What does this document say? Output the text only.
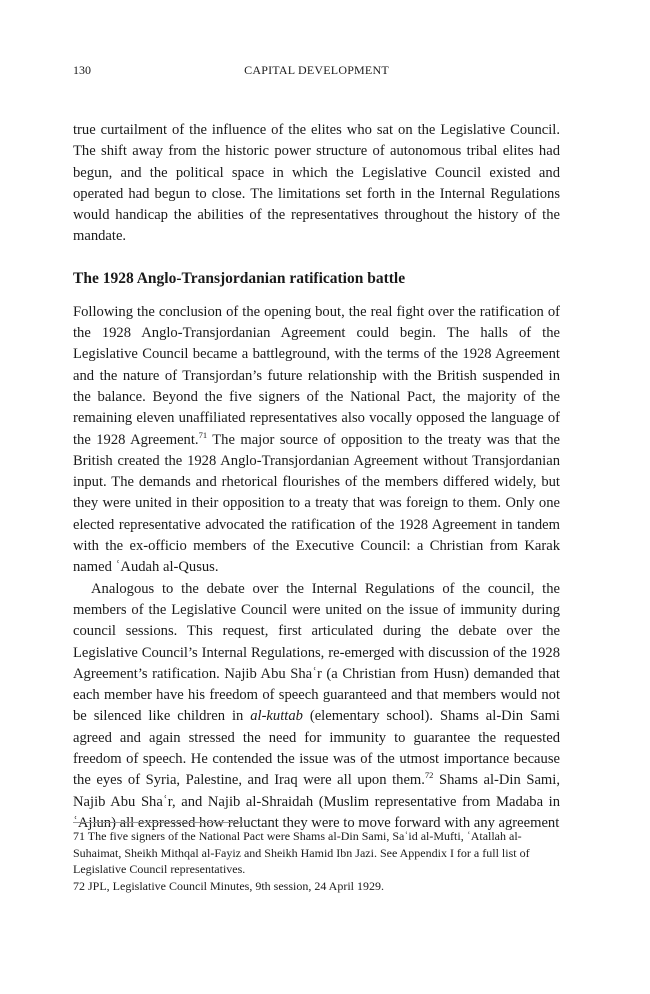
130	CAPITAL DEVELOPMENT

true curtailment of the influence of the elites who sat on the Legislative Council. The shift away from the historic power structure of autonomous tribal elites had begun, and the political space in which the Legislative Council existed and operated had begun to close. The limitations set forth in the Internal Regulations would handicap the abilities of the representatives throughout the history of the mandate.

The 1928 Anglo-Transjordanian ratification battle

Following the conclusion of the opening bout, the real fight over the ratification of the 1928 Anglo-Transjordanian Agreement could begin. The halls of the Legislative Council became a battleground, with the terms of the 1928 Agreement and the nature of Transjordan’s future relationship with the British suspended in the balance. Beyond the five signers of the National Pact, the majority of the remaining eleven unaffiliated representatives also vocally opposed the language of the 1928 Agreement.$^{71}$ The major source of opposition to the treaty was that the British created the 1928 Anglo-Transjordanian Agreement without Transjordanian input. The demands and rhetorical flourishes of the members differed widely, but they were united in their opposition to a treaty that was foreign to them. Only one elected representative advocated the ratification of the 1928 Agreement in tandem with the ex-officio members of the Executive Council: a Christian from Karak named ʿAudah al-Qusus.

Analogous to the debate over the Internal Regulations of the council, the members of the Legislative Council were united on the issue of immunity during council sessions. This request, first articulated during the debate over the Legislative Council’s Internal Regulations, re-emerged with discussion of the 1928 Agreement’s ratification. Najib Abu Shaʿr (a Christian from Husn) demanded that each member have his freedom of speech guaranteed and that members would not be silenced like children in al-kuttab (elementary school). Shams al-Din Sami agreed and again stressed the need for immunity to guarantee the requested freedom of speech. He contended the issue was of the utmost importance because the eyes of Syria, Palestine, and Iraq were all upon them.$^{72}$ Shams al-Din Sami, Najib Abu Shaʿr, and Najib al-Shraidah (Muslim representative from Madaba in ʿAjlun) all expressed how reluctant they were to move forward with any agreement

71 The five signers of the National Pact were Shams al-Din Sami, Saʿid al-Mufti, ʿAtallah al-Suhaimat, Sheikh Mithqal al-Fayiz and Sheikh Hamid Ibn Jazi. See Appendix I for a full list of Legislative Council representatives.

72 JPL, Legislative Council Minutes, 9th session, 24 April 1929.
